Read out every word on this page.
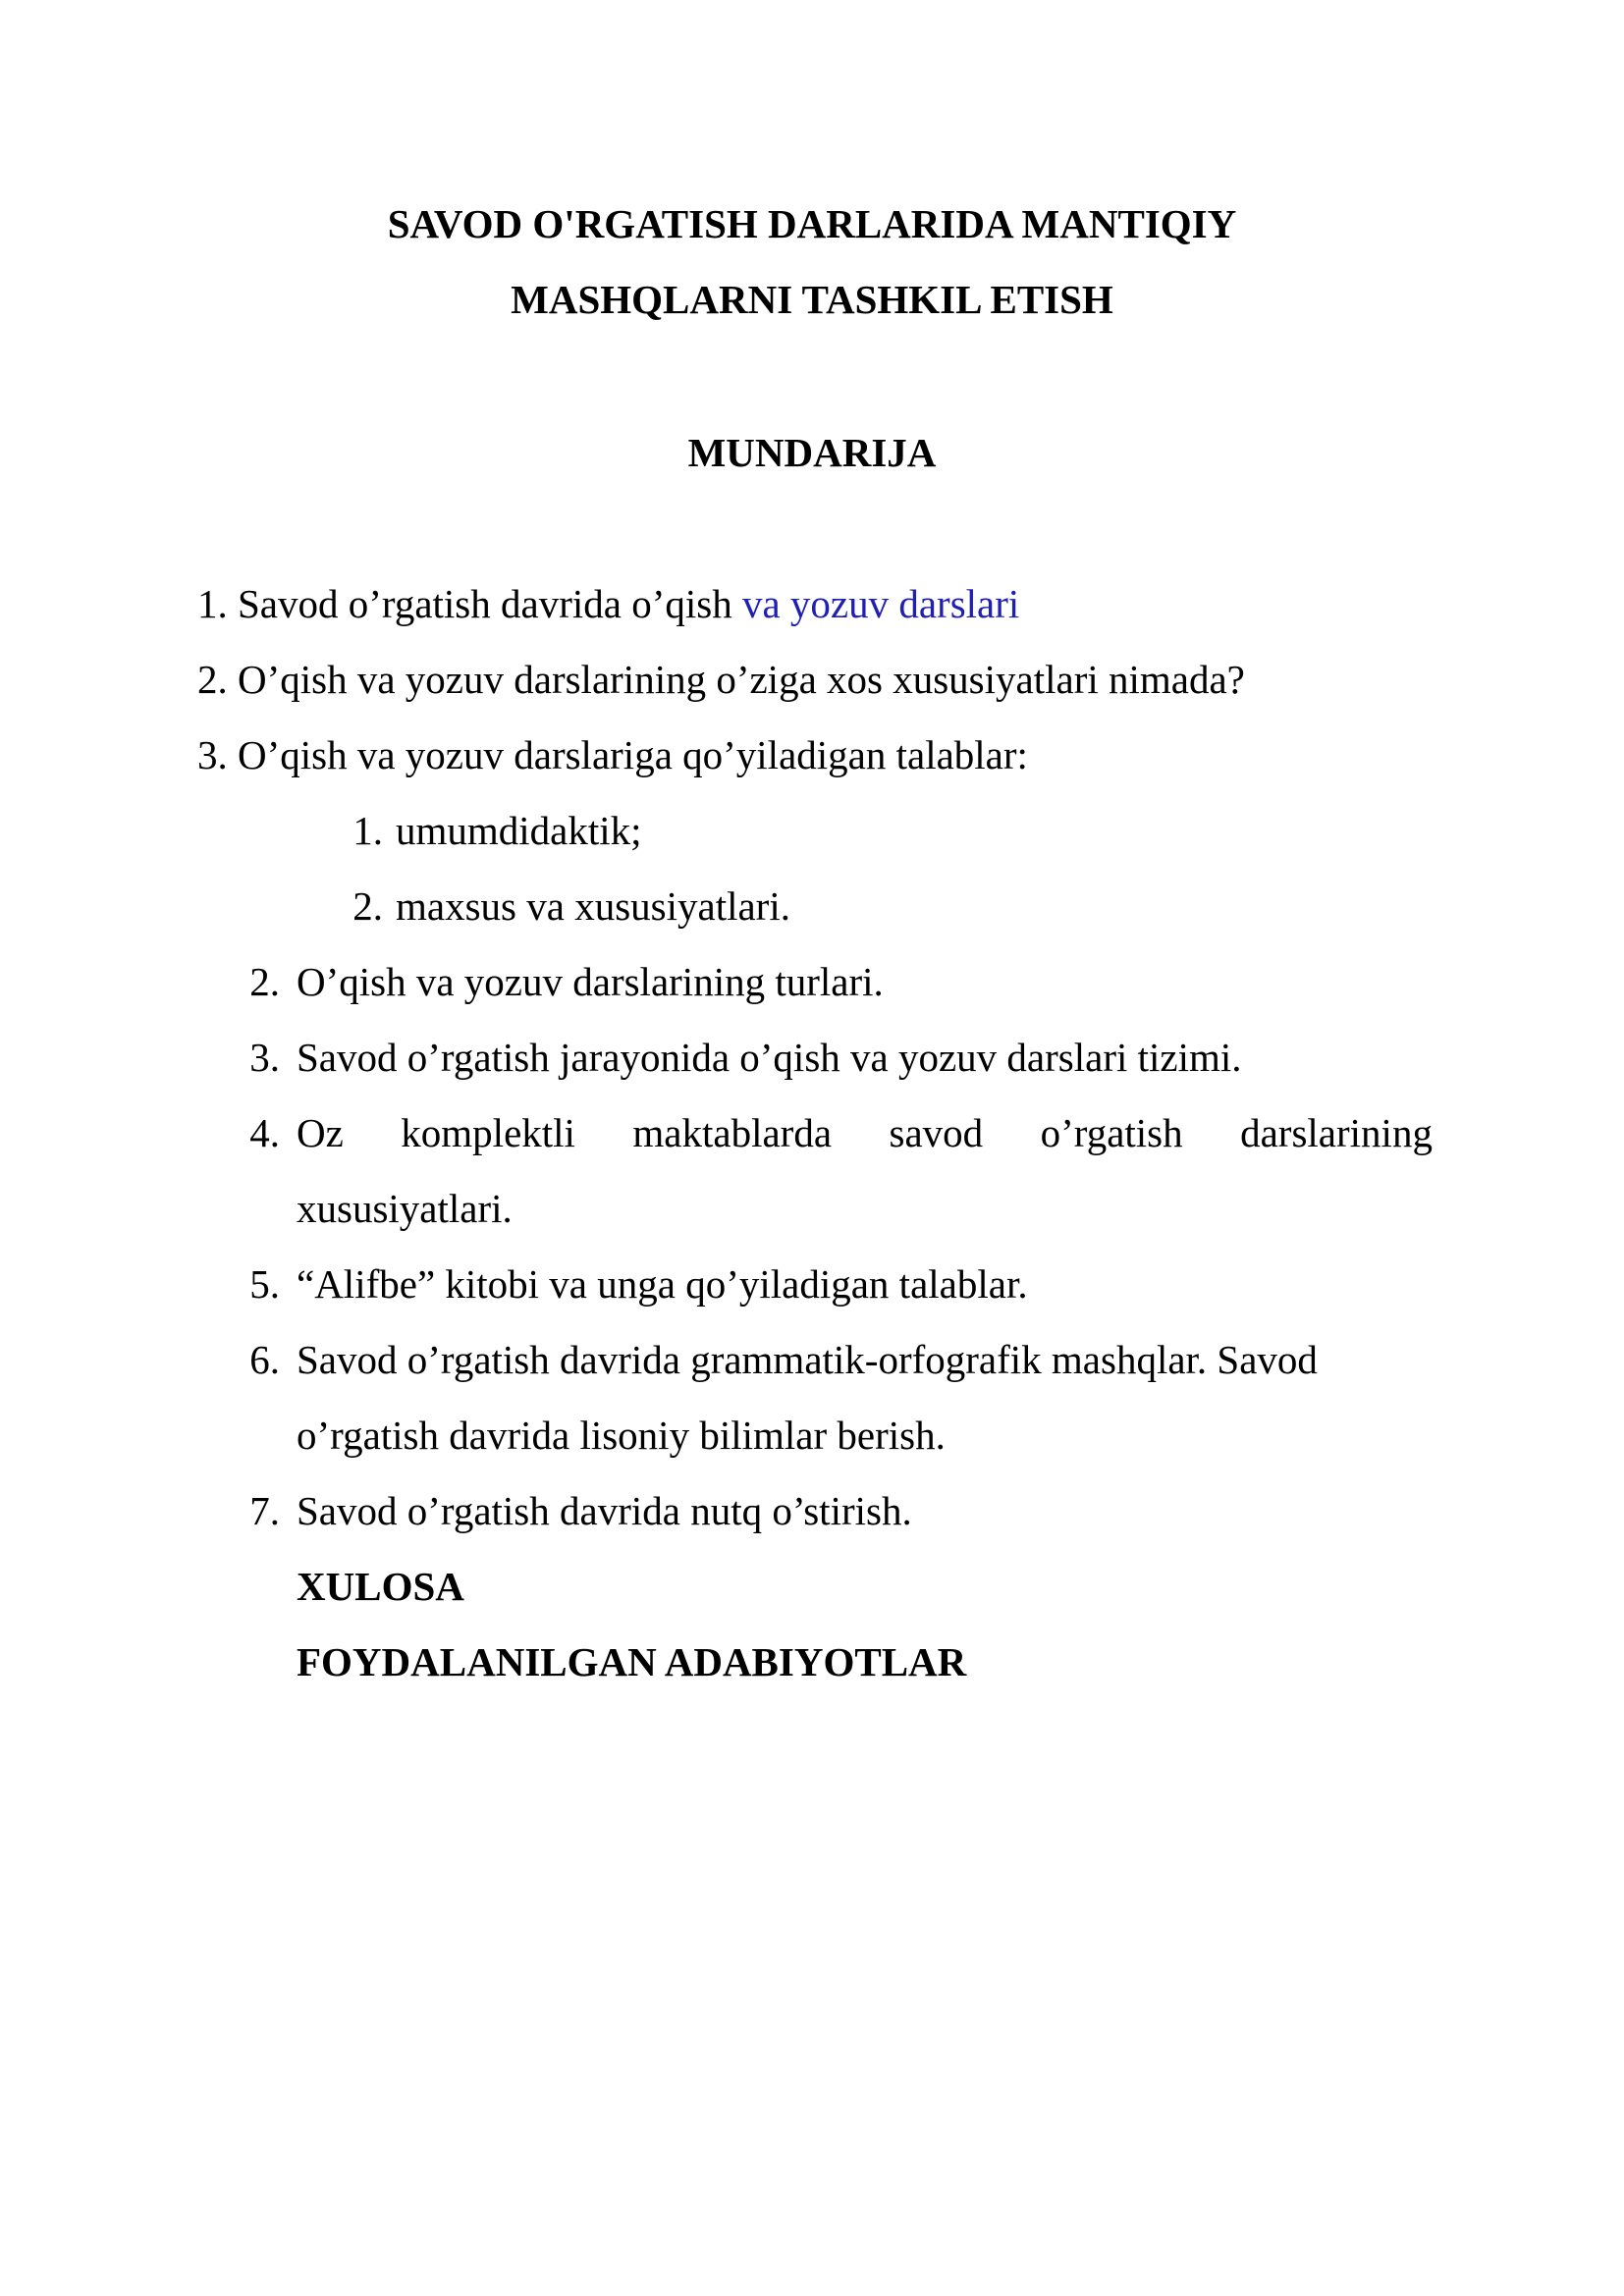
SAVOD O'RGATISH DARLARIDA MANTIQIY
MASHQLARNI TASHKIL ETISH
MUNDARIJA
1. Savod o’rgatish davrida o’qish va yozuv darslari
2. O’qish va yozuv darslarining o’ziga xos xususiyatlari nimada?
3. O’qish va yozuv darslariga qo’yiladigan talablar:
1. umumdidaktik;
2. maxsus va xususiyatlari.
2. O’qish va yozuv darslarining turlari.
3. Savod o’rgatish jarayonida o’qish va yozuv darslari tizimi.
4. Oz komplektli maktablarda savod o’rgatish darslarining
xususiyatlari.
5. “Alifbe” kitobi va unga qo’yiladigan talablar.
6. Savod o’rgatish davrida grammatik-orfografik mashqlar. Savod
o’rgatish davrida lisoniy bilimlar berish.
7. Savod o’rgatish davrida nutq o’stirish.
XULOSA
FOYDALANILGAN ADABIYOTLAR
